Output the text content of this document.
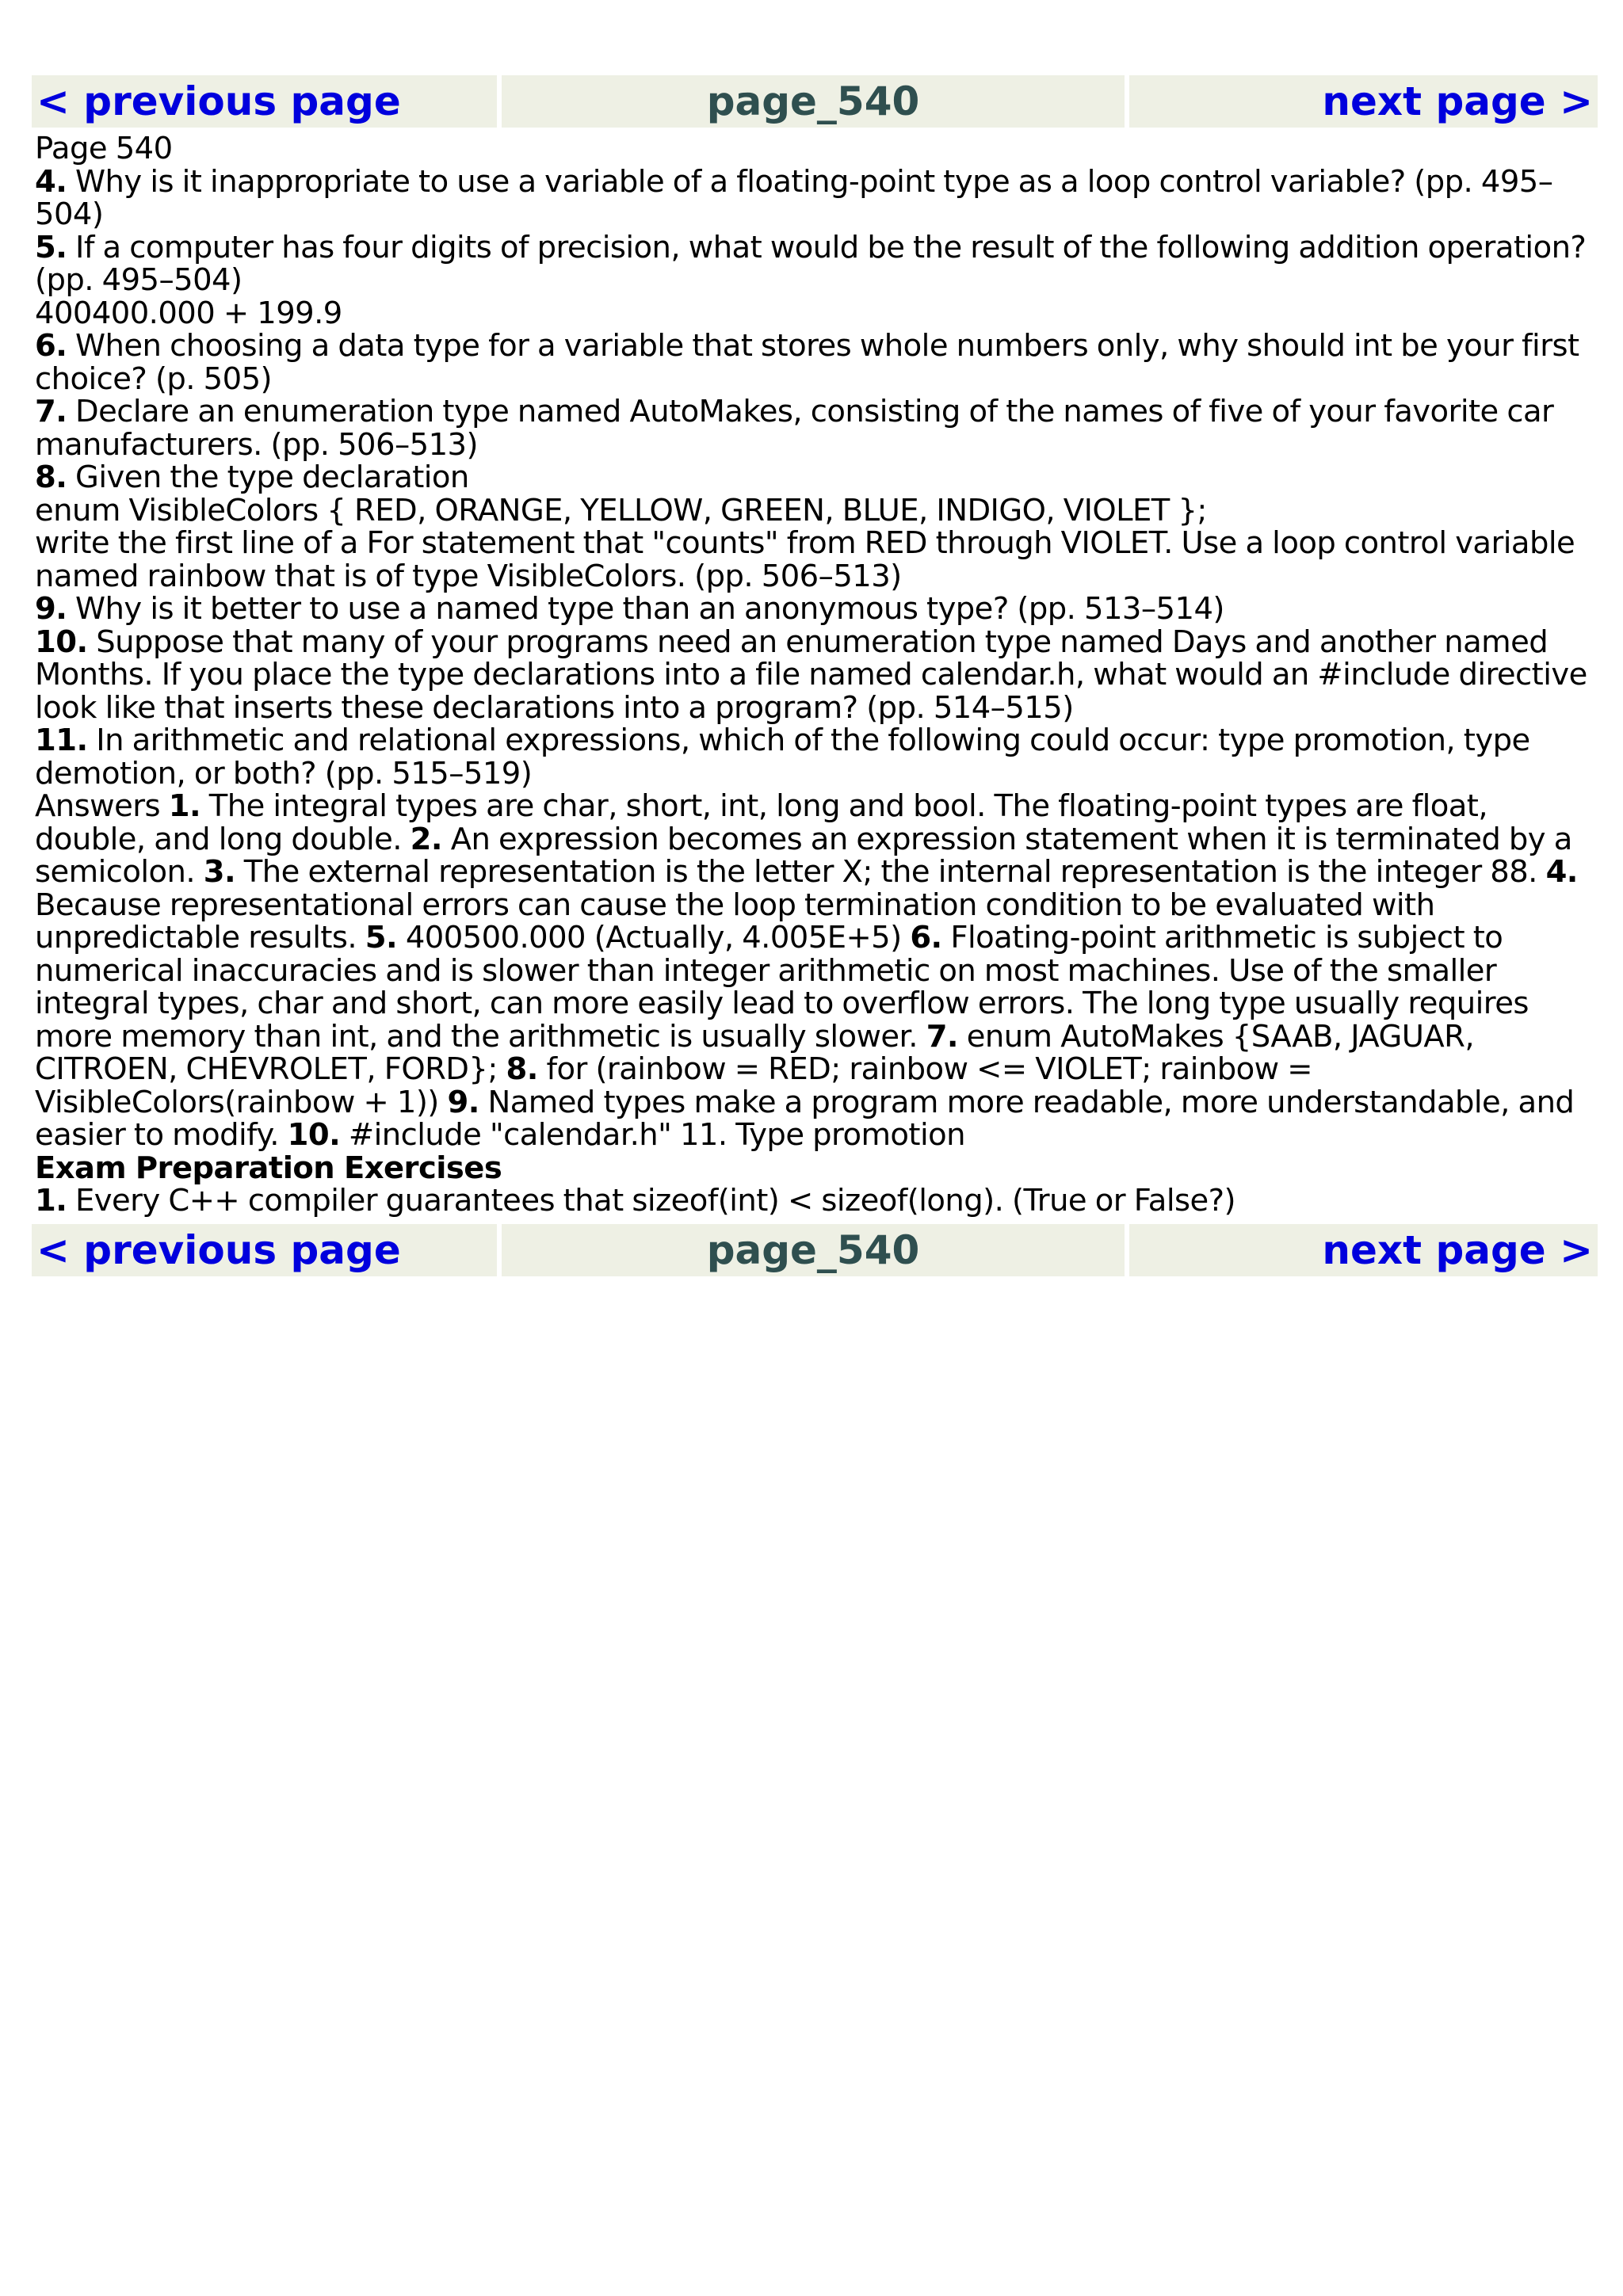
< previous page	page_540	next page >
Page 540
4. Why is it inappropriate to use a variable of a floating-point type as a loop control variable? (pp. 495–504)
5. If a computer has four digits of precision, what would be the result of the following addition operation? (pp. 495–504)
400400.000 + 199.9
6. When choosing a data type for a variable that stores whole numbers only, why should int be your first choice? (p. 505)
7. Declare an enumeration type named AutoMakes, consisting of the names of five of your favorite car manufacturers. (pp. 506–513)
8. Given the type declaration
enum VisibleColors { RED, ORANGE, YELLOW, GREEN, BLUE, INDIGO, VIOLET };
write the first line of a For statement that "counts" from RED through VIOLET. Use a loop control variable named rainbow that is of type VisibleColors. (pp. 506–513)
9. Why is it better to use a named type than an anonymous type? (pp. 513–514)
10. Suppose that many of your programs need an enumeration type named Days and another named Months. If you place the type declarations into a file named calendar.h, what would an #include directive look like that inserts these declarations into a program? (pp. 514–515)
11. In arithmetic and relational expressions, which of the following could occur: type promotion, type demotion, or both? (pp. 515–519)
Answers 1. The integral types are char, short, int, long and bool. The floating-point types are float, double, and long double. 2. An expression becomes an expression statement when it is terminated by a semicolon. 3. The external representation is the letter X; the internal representation is the integer 88. 4. Because representational errors can cause the loop termination condition to be evaluated with unpredictable results. 5. 400500.000 (Actually, 4.005E+5) 6. Floating-point arithmetic is subject to numerical inaccuracies and is slower than integer arithmetic on most machines. Use of the smaller integral types, char and short, can more easily lead to overflow errors. The long type usually requires more memory than int, and the arithmetic is usually slower. 7. enum AutoMakes {SAAB, JAGUAR, CITROEN, CHEVROLET, FORD}; 8. for (rainbow = RED; rainbow <= VIOLET; rainbow = VisibleColors(rainbow + 1)) 9. Named types make a program more readable, more understandable, and easier to modify. 10. #include "calendar.h" 11. Type promotion
Exam Preparation Exercises
1. Every C++ compiler guarantees that sizeof(int) < sizeof(long). (True or False?)
< previous page	page_540	next page >
